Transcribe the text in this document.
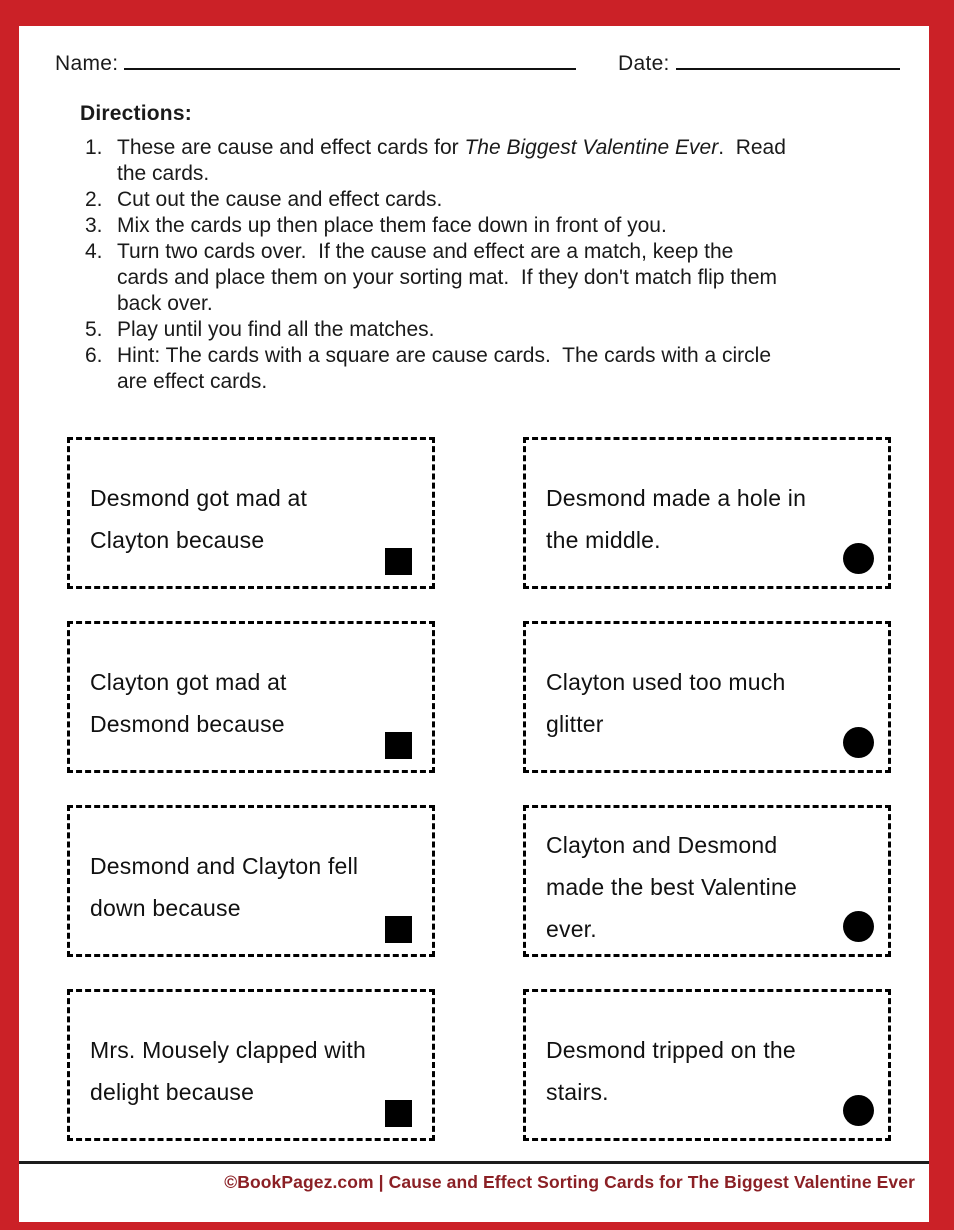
Name:	Date:
Directions:
1. These are cause and effect cards for The Biggest Valentine Ever.  Read the cards.
2. Cut out the cause and effect cards.
3. Mix the cards up then place them face down in front of you.
4. Turn two cards over.  If the cause and effect are a match, keep the cards and place them on your sorting mat.  If they don't match flip them back over.
5. Play until you find all the matches.
6. Hint: The cards with a square are cause cards.  The cards with a circle are effect cards.
Desmond got mad at Clayton because
Desmond made a hole in the middle.
Clayton got mad at Desmond because
Clayton used too much glitter
Desmond and Clayton fell down because
Clayton and Desmond made the best Valentine ever.
Mrs. Mousely clapped with delight because
Desmond tripped on the stairs.
©BookPagez.com | Cause and Effect Sorting Cards for The Biggest Valentine Ever
